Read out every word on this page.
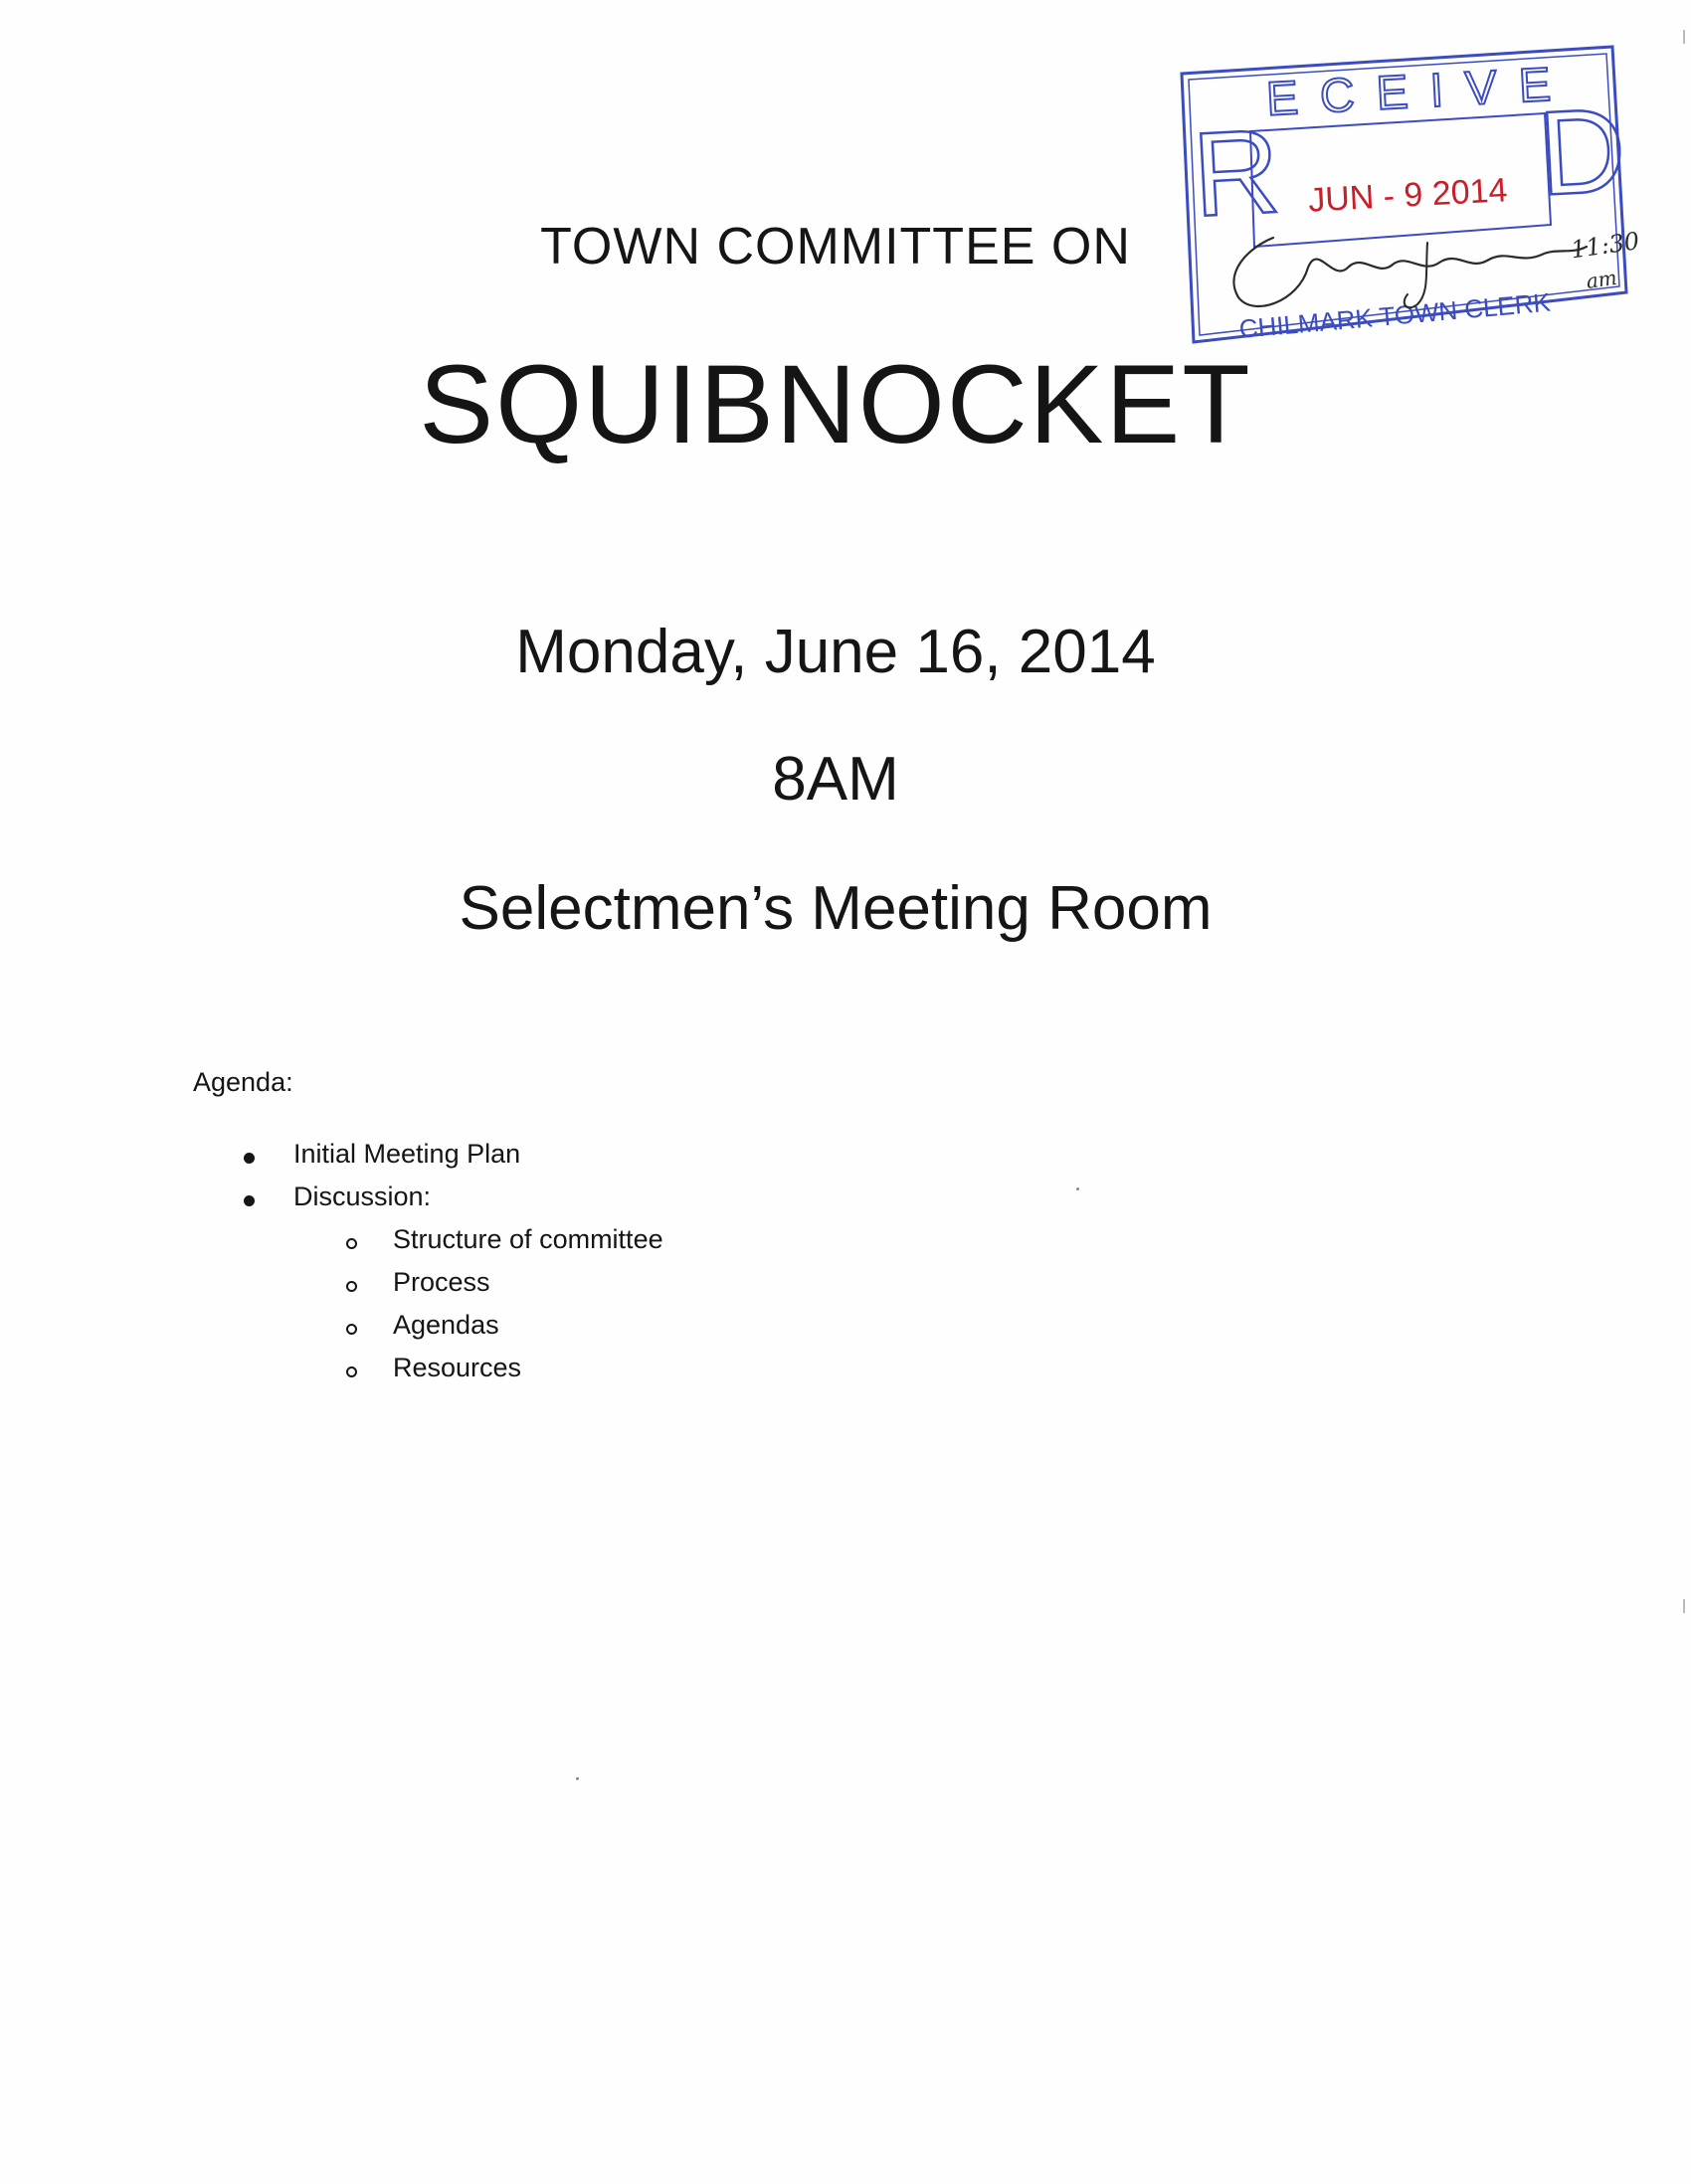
TOWN COMMITTEE ON
SQUIBNOCKET
Monday, June 16, 2014
8AM
Selectmen’s Meeting Room
Agenda:
Initial Meeting Plan
Discussion:
Structure of committee
Process
Agendas
Resources
R D
ECEIVE
JUN - 9 2014
CHILMARK TOWN CLERK
11:30
am
